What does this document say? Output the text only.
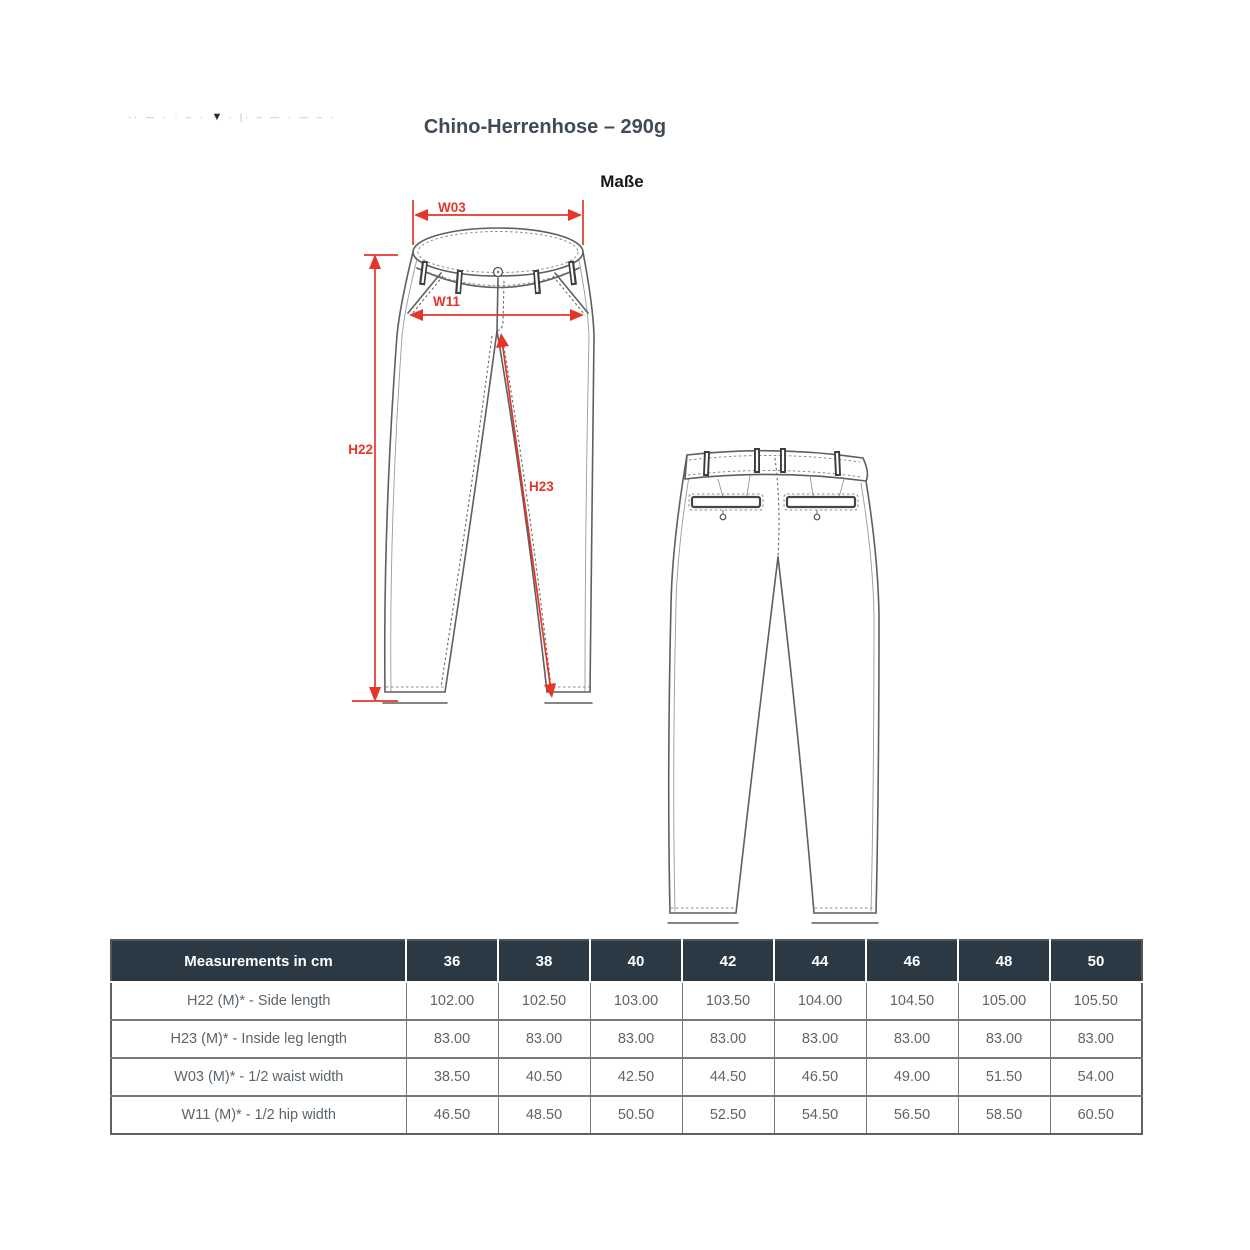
·· — · · – · ▼ · |· – — · — – ·	Chino-Herrenhose – 290g
Maße
W03
W11
H22
H23
Measurements in cm	36	38	40	42	44	46	48	50
H22 (M)* - Side length	102.00	102.50	103.00	103.50	104.00	104.50	105.00	105.50
H23 (M)* - Inside leg length	83.00	83.00	83.00	83.00	83.00	83.00	83.00	83.00
W03 (M)* - 1/2 waist width	38.50	40.50	42.50	44.50	46.50	49.00	51.50	54.00
W11 (M)* - 1/2 hip width	46.50	48.50	50.50	52.50	54.50	56.50	58.50	60.50
